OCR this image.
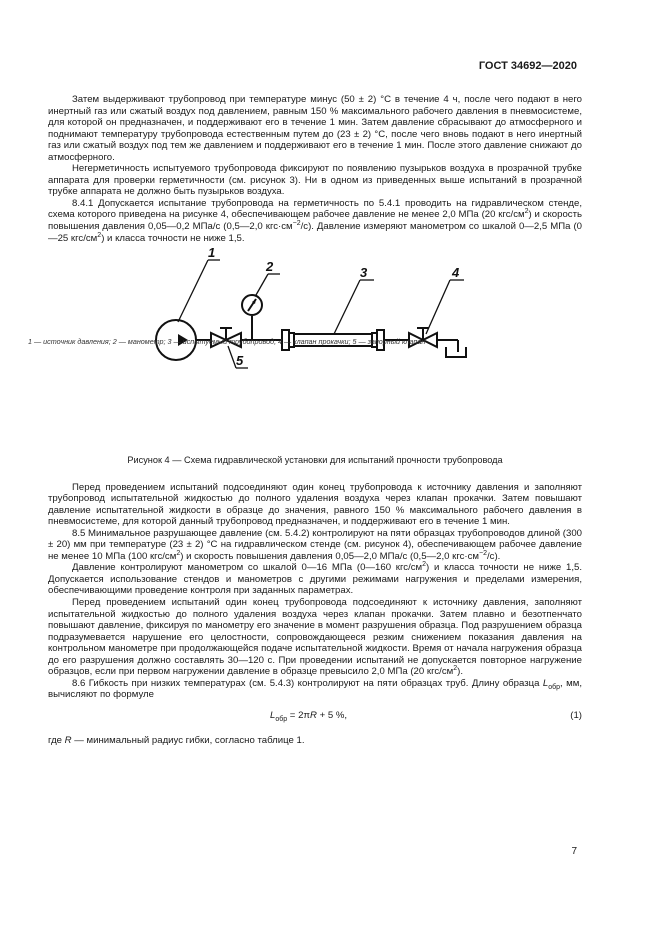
ГОСТ 34692—2020

Затем выдерживают трубопровод при температуре минус (50 ± 2) °С в течение 4 ч, после чего подают в него инертный газ или сжатый воздух под давлением, равным 150 % максимального рабочего давления в пневмосистеме, для которой он предназначен, и поддерживают его в течение 1 мин. Затем давление сбрасывают до атмосферного и поднимают температуру трубопровода естественным путем до (23 ± 2) °С, после чего вновь подают в него инертный газ или сжатый воздух под тем же давлением и поддерживают его в течение 1 мин. После этого давление снижают до атмосферного.

Негерметичность испытуемого трубопровода фиксируют по появлению пузырьков воздуха в прозрачной трубке аппарата для проверки герметичности (см. рисунок 3). Ни в одном из приведенных выше испытаний в прозрачной трубке аппарата не должно быть пузырьков воздуха.

8.4.1 Допускается испытание трубопровода на герметичность по 5.4.1 проводить на гидравлическом стенде, схема которого приведена на рисунке 4, обеспечивающем рабочее давление не менее 2,0 МПа (20 кгс/$см^2$) и скорость повышения давления 0,05—0,2 МПа/с (0,5—2,0 $кгс\cdot см^{-2}/с$). Давление измеряют манометром со шкалой 0—2,5 МПа (0—25 кгс/$см^2$) и класса точности не ниже 1,5.

1
2	3	4
5
1 — источник давления; 2 — манометр; 3 — испытуемый трубопровод; 4 — клапан прокачки; 5 — запорный клапан

Рисунок 4 — Схема гидравлической установки для испытаний прочности трубопровода

Перед проведением испытаний подсоединяют один конец трубопровода к источнику давления и заполняют трубопровод испытательной жидкостью до полного удаления воздуха через клапан прокачки. Затем повышают давление испытательной жидкости в образце до значения, равного 150 % максимального рабочего давления в пневмосистеме, для которой данный трубопровод предназначен, и поддерживают его в течение 1 мин.

8.5 Минимальное разрушающее давление (см. 5.4.2) контролируют на пяти образцах трубопроводов длиной (300 ± 20) мм при температуре (23 ± 2) °С на гидравлическом стенде (см. рисунок 4), обеспечивающем рабочее давление не менее 10 МПа (100 кгс/$см^2$) и скорость повышения давления 0,05—2,0 МПа/с (0,5—2,0 $кгс\cdot см^{-2}/с$).

Давление контролируют манометром со шкалой 0—16 МПа (0—160 кгс/$см^2$) и класса точности не ниже 1,5. Допускается использование стендов и манометров с другими режимами нагружения и пределами измерения, обеспечивающими проведение контроля при заданных параметрах.

Перед проведением испытаний один конец трубопровода подсоединяют к источнику давления, заполняют испытательной жидкостью до полного удаления воздуха через клапан прокачки. Затем плавно и безотпенчато повышают давление, фиксируя по манометру его значение в момент разрушения образца. Под разрушением образца подразумевается нарушение его целостности, сопровождающееся резким снижением показания давления на контрольном манометре при продолжающейся подаче испытательной жидкости. Время от начала нагружения образца до его разрушения должно составлять 30—120 с. При проведении испытаний не допускается повторное нагружение образцов, если при первом нагружении давление в образце превысило 2,0 МПа (20 кгс/$см^2$).

8.6 Гибкость при низких температурах (см. 5.4.3) контролируют на пяти образцах труб. Длину образца $L_{обр}$, мм, вычисляют по формуле

$L_{обр} = 2\pi R + 5$ %,	(1)

где R — минимальный радиус гибки, согласно таблице 1.

7
